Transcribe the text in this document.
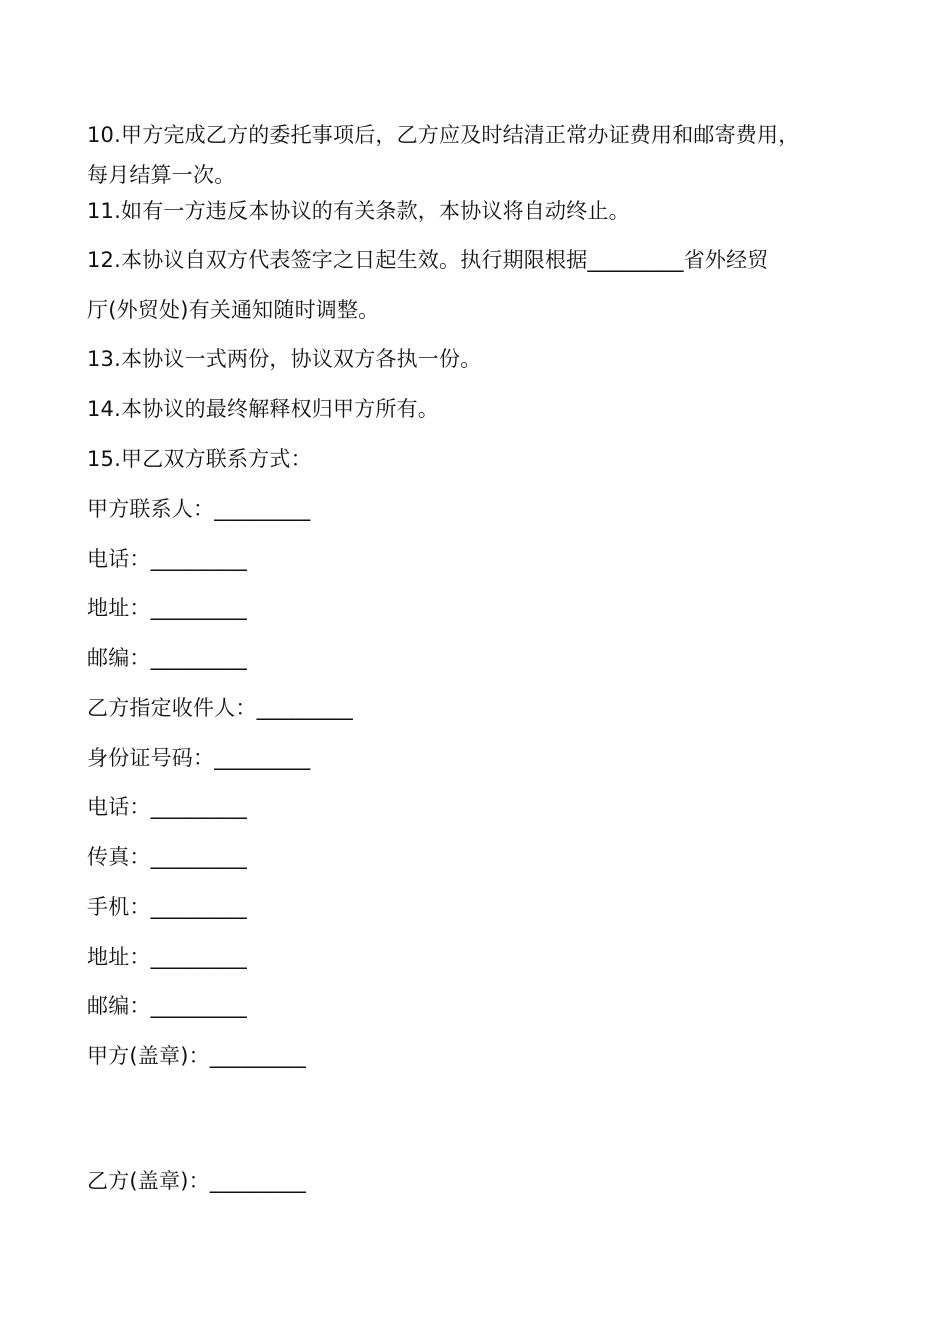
10.甲方完成乙方的委托事项后，乙方应及时结清正常办证费用和邮寄费用，
每月结算一次。
11.如有一方违反本协议的有关条款，本协议将自动终止。
12.本协议自双方代表签字之日起生效。执行期限根据_________省外经贸
厅(外贸处)有关通知随时调整。
13.本协议一式两份，协议双方各执一份。
14.本协议的最终解释权归甲方所有。
15.甲乙双方联系方式：
甲方联系人：_________
电话：_________
地址：_________
邮编：_________
乙方指定收件人：_________
身份证号码：_________
电话：_________
传真：_________
手机：_________
地址：_________
邮编：_________
甲方(盖章)：_________
乙方(盖章)：_________
